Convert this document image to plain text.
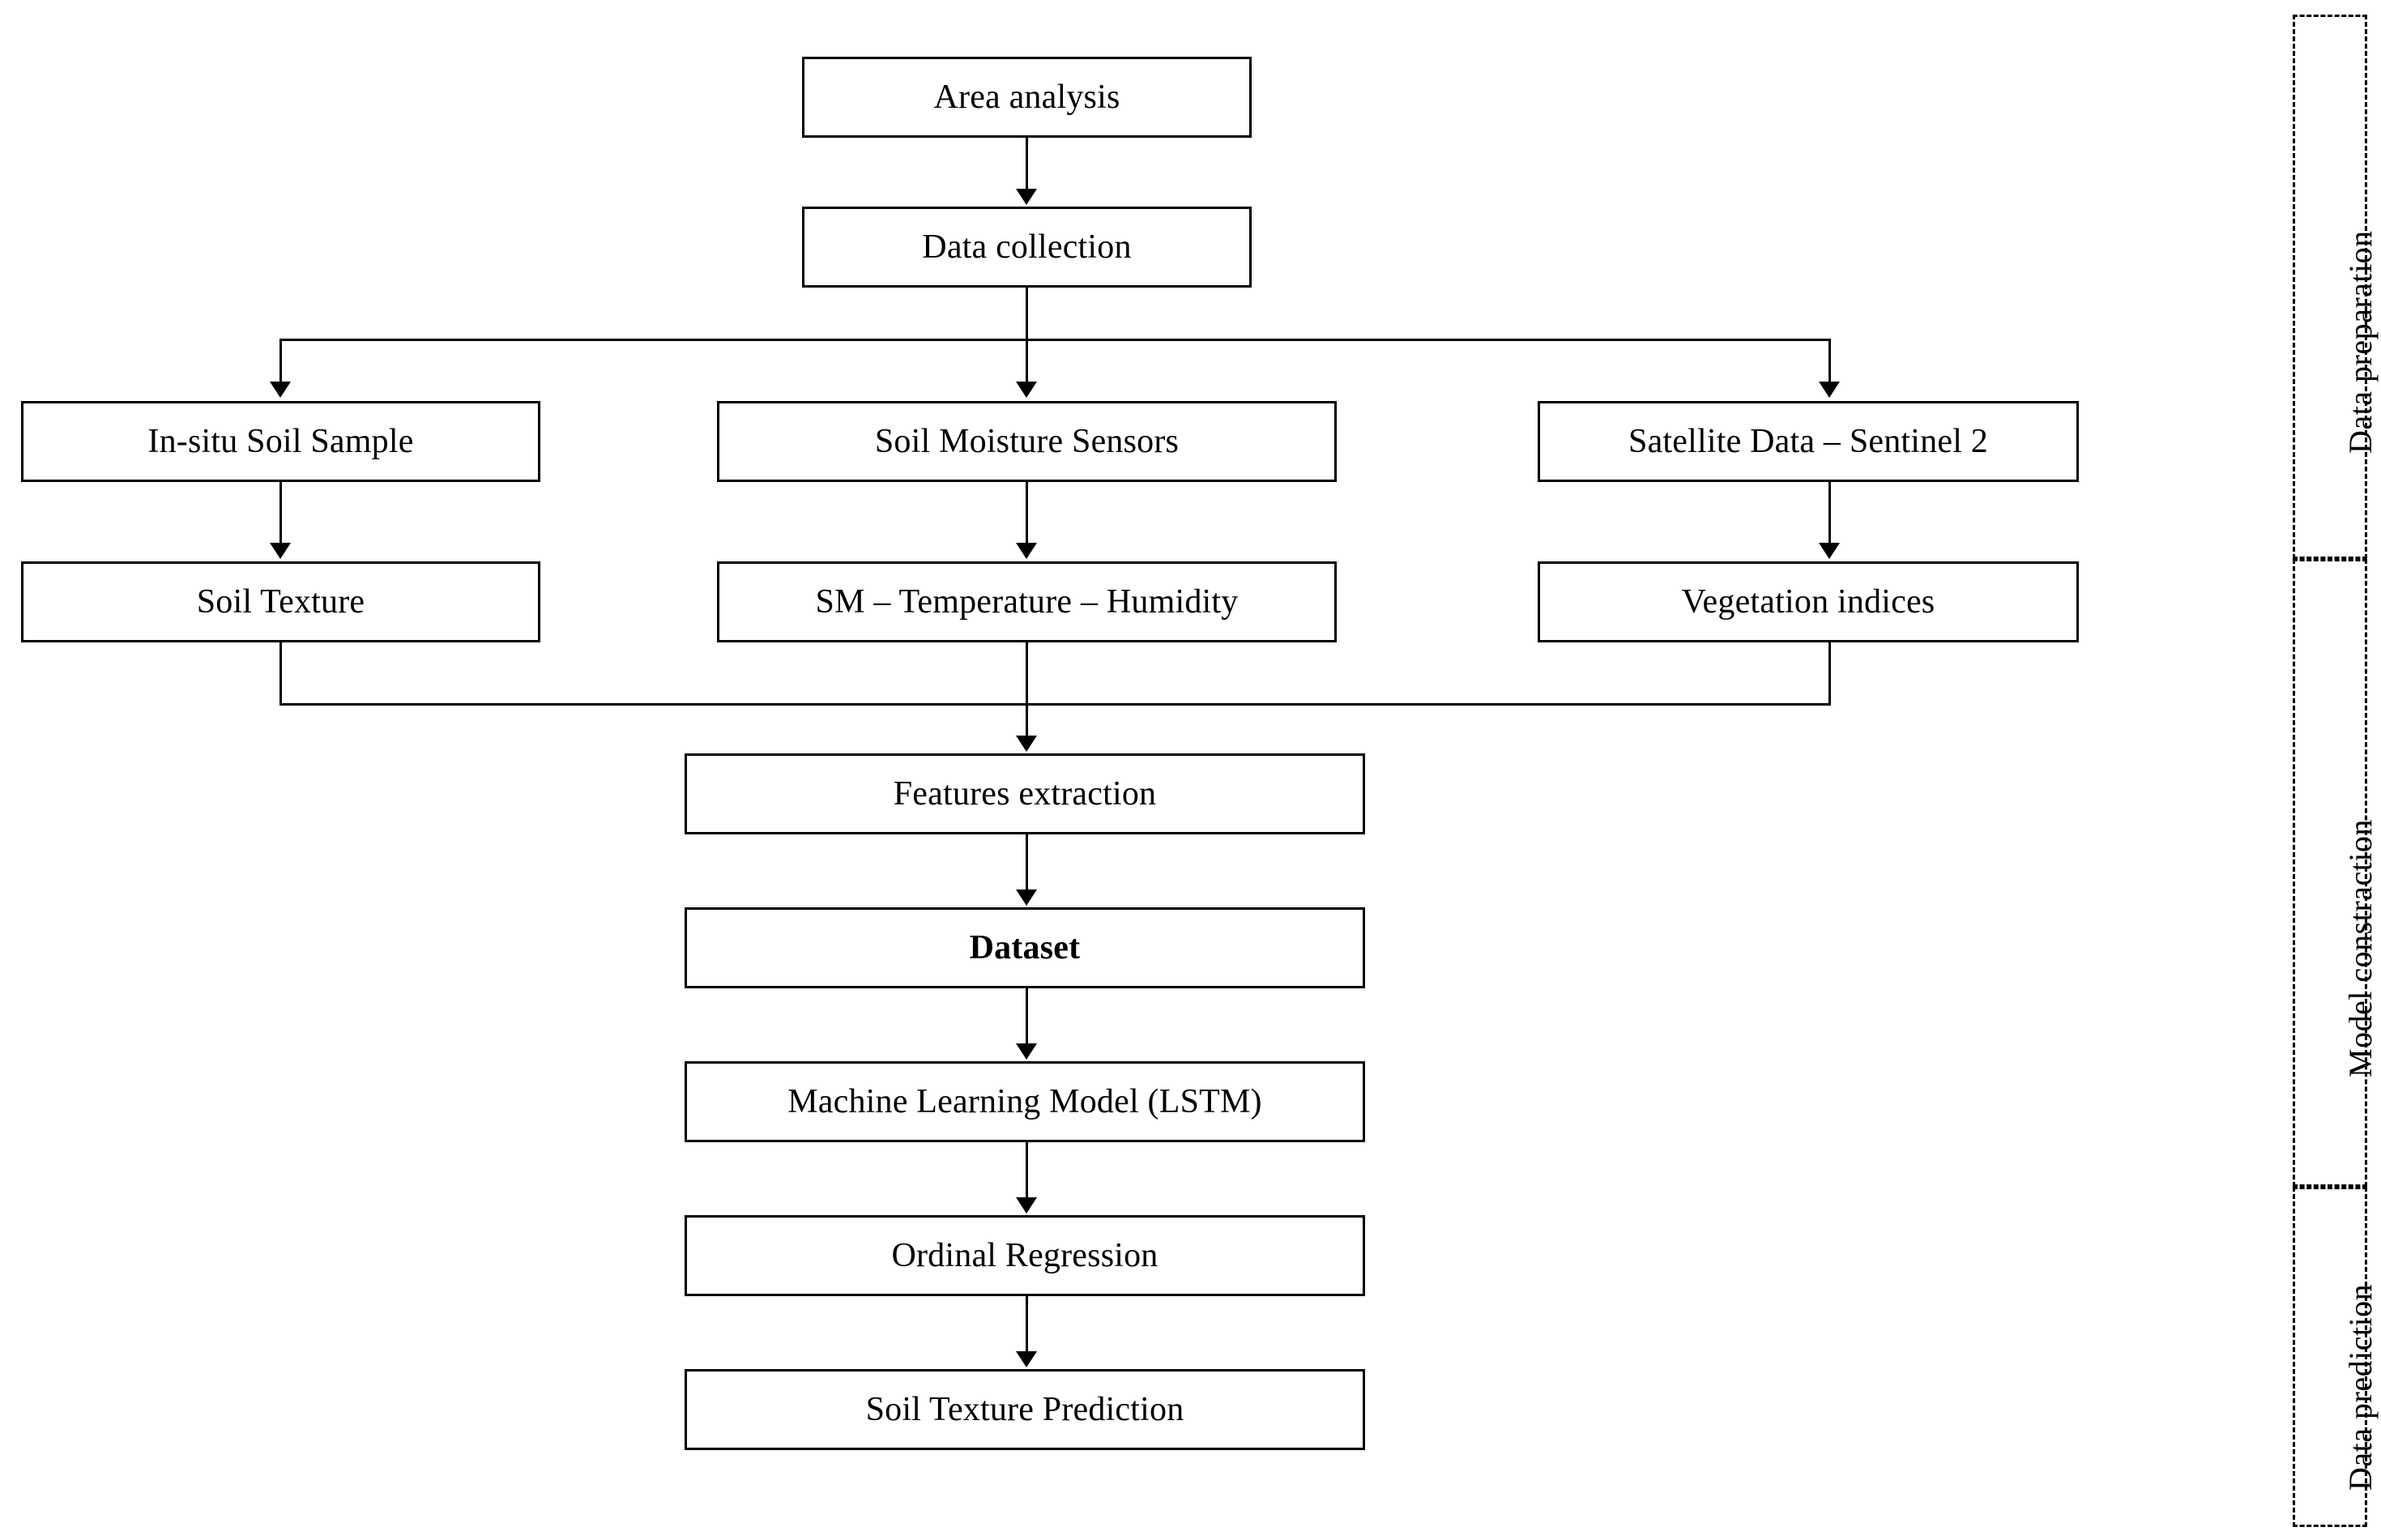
Area analysis
Data collection
In-situ Soil Sample	Soil Moisture Sensors	Satellite Data – Sentinel 2
Soil Texture	SM – Temperature – Humidity	Vegetation indices
Features extraction
Dataset
Machine Learning Model (LSTM)
Ordinal Regression
Soil Texture Prediction
Data preparation
Model constraction
Data prediction
